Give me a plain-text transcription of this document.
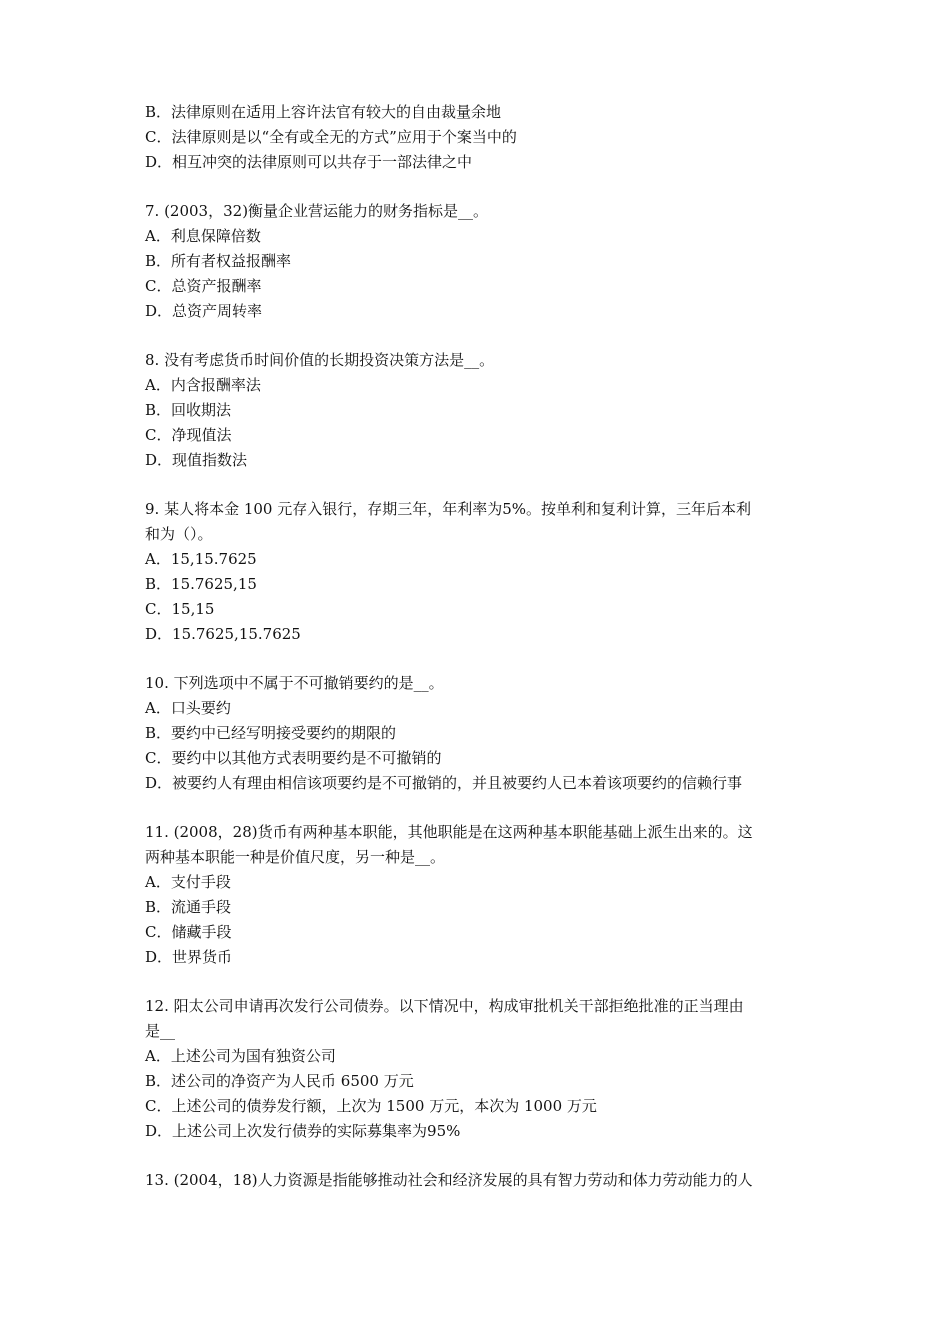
B．法律原则在适用上容许法官有较大的自由裁量余地
C．法律原则是以“全有或全无的方式”应用于个案当中的
D．相互冲突的法律原则可以共存于一部法律之中
7. (2003，32)衡量企业营运能力的财务指标是__。
A．利息保障倍数
B．所有者权益报酬率
C．总资产报酬率
D．总资产周转率
8. 没有考虑货币时间价值的长期投资决策方法是__。
A．内含报酬率法
B．回收期法
C．净现值法
D．现值指数法
9. 某人将本金 100 元存入银行，存期三年，年利率为5%。按单利和复利计算，三年后本利
和为（）。
A．15,15.7625
B．15.7625,15
C．15,15
D．15.7625,15.7625
10. 下列选项中不属于不可撤销要约的是__。
A．口头要约
B．要约中已经写明接受要约的期限的
C．要约中以其他方式表明要约是不可撤销的
D．被要约人有理由相信该项要约是不可撤销的，并且被要约人已本着该项要约的信赖行事
11. (2008，28)货币有两种基本职能，其他职能是在这两种基本职能基础上派生出来的。这
两种基本职能一种是价值尺度，另一种是__。
A．支付手段
B．流通手段
C．储藏手段
D．世界货币
12. 阳太公司申请再次发行公司债券。以下情况中，构成审批机关干部拒绝批准的正当理由
是__
A．上述公司为国有独资公司
B．述公司的净资产为人民币 6500 万元
C．上述公司的债券发行额，上次为 1500 万元，本次为 1000 万元
D．上述公司上次发行债券的实际募集率为95%
13. (2004，18)人力资源是指能够推动社会和经济发展的具有智力劳动和体力劳动能力的人
